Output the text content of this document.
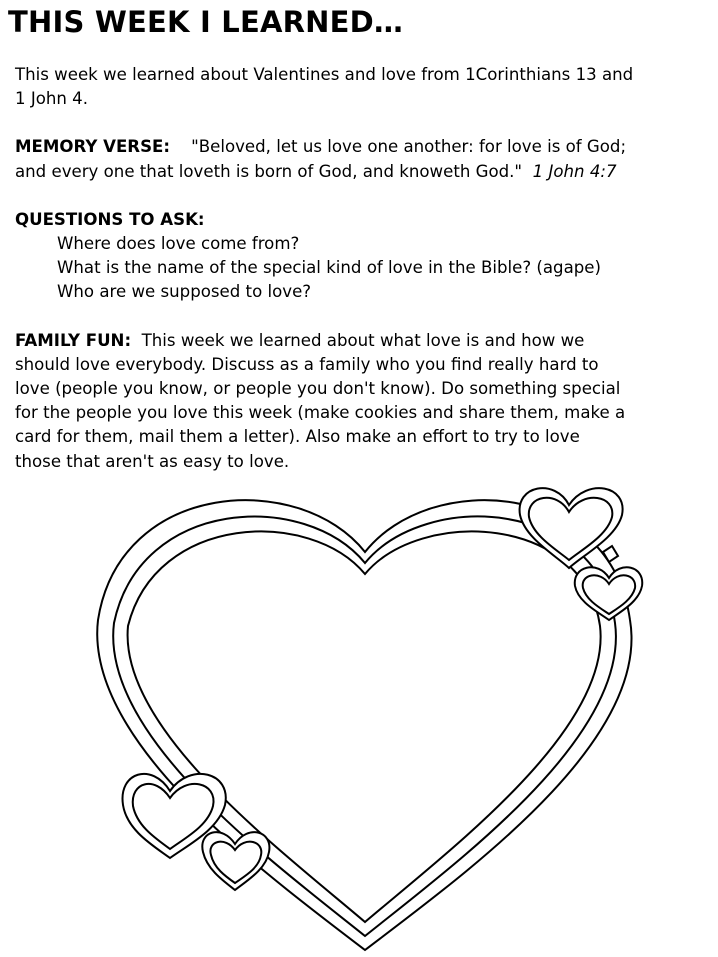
THIS WEEK I LEARNED…

This week we learned about Valentines and love from 1Corinthians 13 and
1 John 4.

MEMORY VERSE: "Beloved, let us love one another: for love is of God;
and every one that loveth is born of God, and knoweth God." 1 John 4:7

QUESTIONS TO ASK:
Where does love come from?
What is the name of the special kind of love in the Bible? (agape)
Who are we supposed to love?

FAMILY FUN: This week we learned about what love is and how we
should love everybody. Discuss as a family who you find really hard to
love (people you know, or people you don't know). Do something special
for the people you love this week (make cookies and share them, make a
card for them, mail them a letter). Also make an effort to try to love
those that aren't as easy to love.
